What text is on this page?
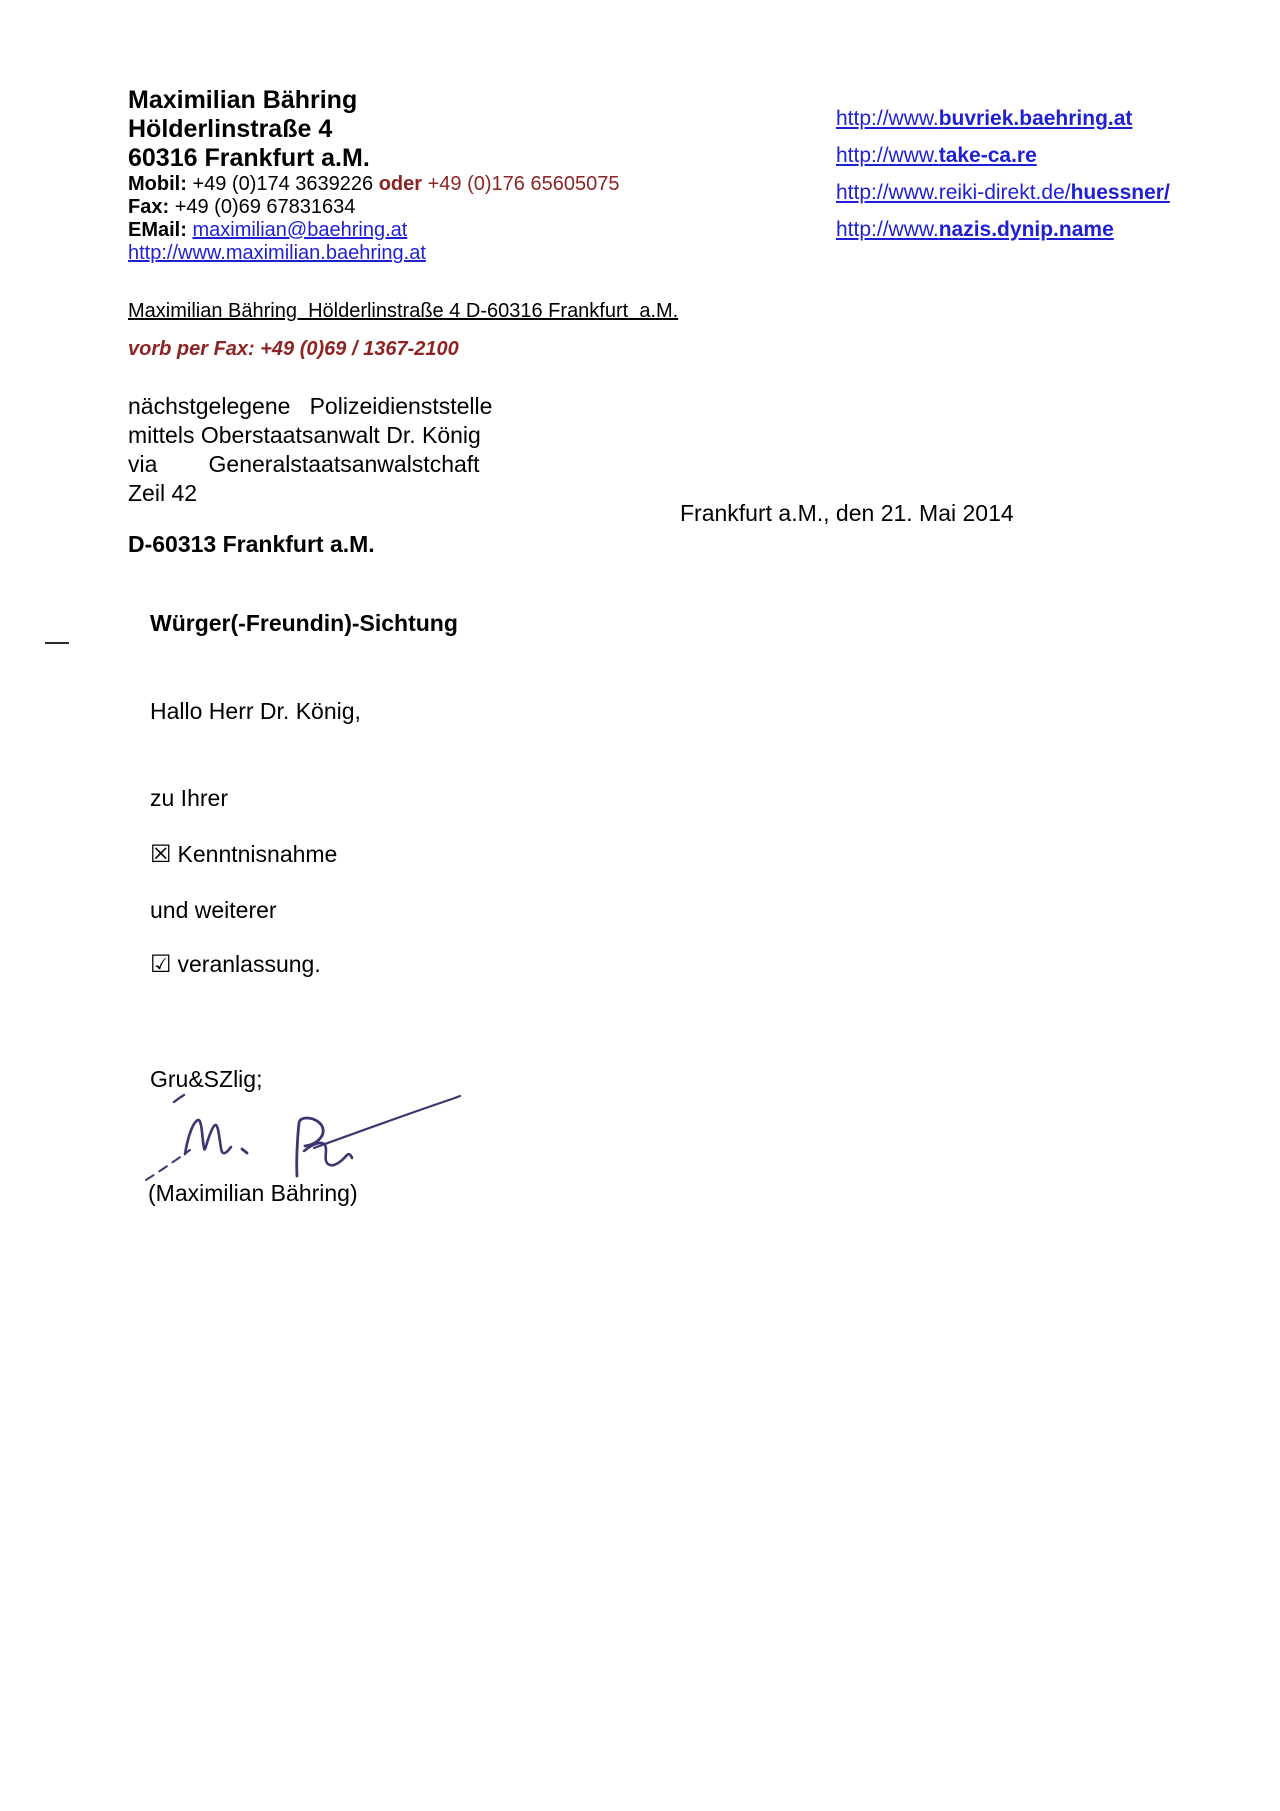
Maximilian Bähring
Hölderlinstraße 4
60316 Frankfurt a.M.
Mobil: +49 (0)174 3639226 oder +49 (0)176 65605075
Fax: +49 (0)69 67831634
EMail: maximilian@baehring.at
http://www.maximilian.baehring.at
http://www.buvriek.baehring.at
http://www.take-ca.re
http://www.reiki-direkt.de/huessner/
http://www.nazis.dynip.name
Maximilian Bähring  Hölderlinstraße 4 D-60316 Frankfurt  a.M.
vorb per Fax: +49 (0)69 / 1367-2100
nächstgelegene   Polizeidienststelle
mittels Oberstaatsanwalt Dr. König
via        Generalstaatsanwalstchaft
Zeil 42
D-60313 Frankfurt a.M.
Frankfurt a.M., den 21. Mai 2014
Würger(-Freundin)-Sichtung
Hallo Herr Dr. König,
zu Ihrer
☒ Kenntnisnahme
und weiterer
☑ veranlassung.
Gru&SZlig;
(Maximilian Bähring)
